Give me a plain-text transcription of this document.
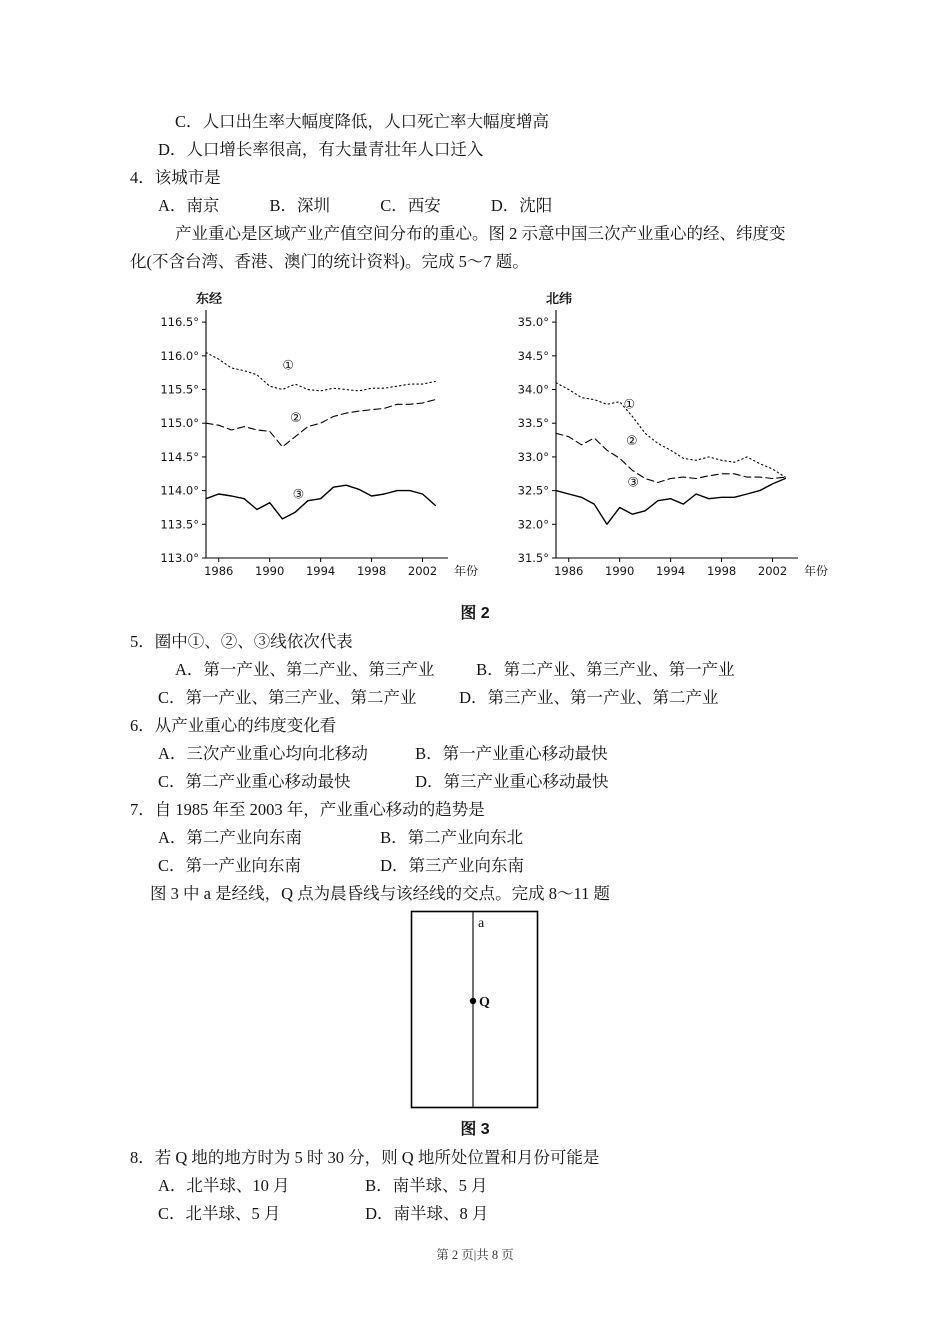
C．人口出生率大幅度降低，人口死亡率大幅度增高
D．人口增长率很高，有大量青壮年人口迁入
4．该城市是
A．南京	B．深圳	C．西安	D．沈阳
产业重心是区域产业产值空间分布的重心。图 2 示意中国三次产业重心的经、纬度变
化(不含台湾、香港、澳门的统计资料)。完成 5～7 题。
116.5°
116.0°
115.5°
115.0°
114.5°
114.0°
113.5°
113.0°
1986 1990 1994 1998 2002
东经
年份
①
②
③
35.0°
34.5°
34.0°
33.5°
33.0°
32.5°
32.0°
31.5°
1986 1990 1994 1998 2002
北纬
年份
①
②
③
图 2
5．圈中①、②、③线依次代表
A．第一产业、第二产业、第三产业	B．第二产业、第三产业、第一产业
C．第一产业、第三产业、第二产业	D．第三产业、第一产业、第二产业
6．从产业重心的纬度变化看
A．三次产业重心均向北移动	B．第一产业重心移动最快
C．第二产业重心移动最快	D．第三产业重心移动最快
7．自 1985 年至 2003 年，产业重心移动的趋势是
A．第二产业向东南	B．第二产业向东北
C．第一产业向东南	D．第三产业向东南
图 3 中 a 是经线，Q 点为晨昏线与该经线的交点。完成 8～11 题
a
Q
图 3
8．若 Q 地的地方时为 5 时 30 分，则 Q 地所处位置和月份可能是
A．北半球、10 月	B．南半球、5 月
C．北半球、5 月	D．南半球、8 月
第 2 页|共 8 页
